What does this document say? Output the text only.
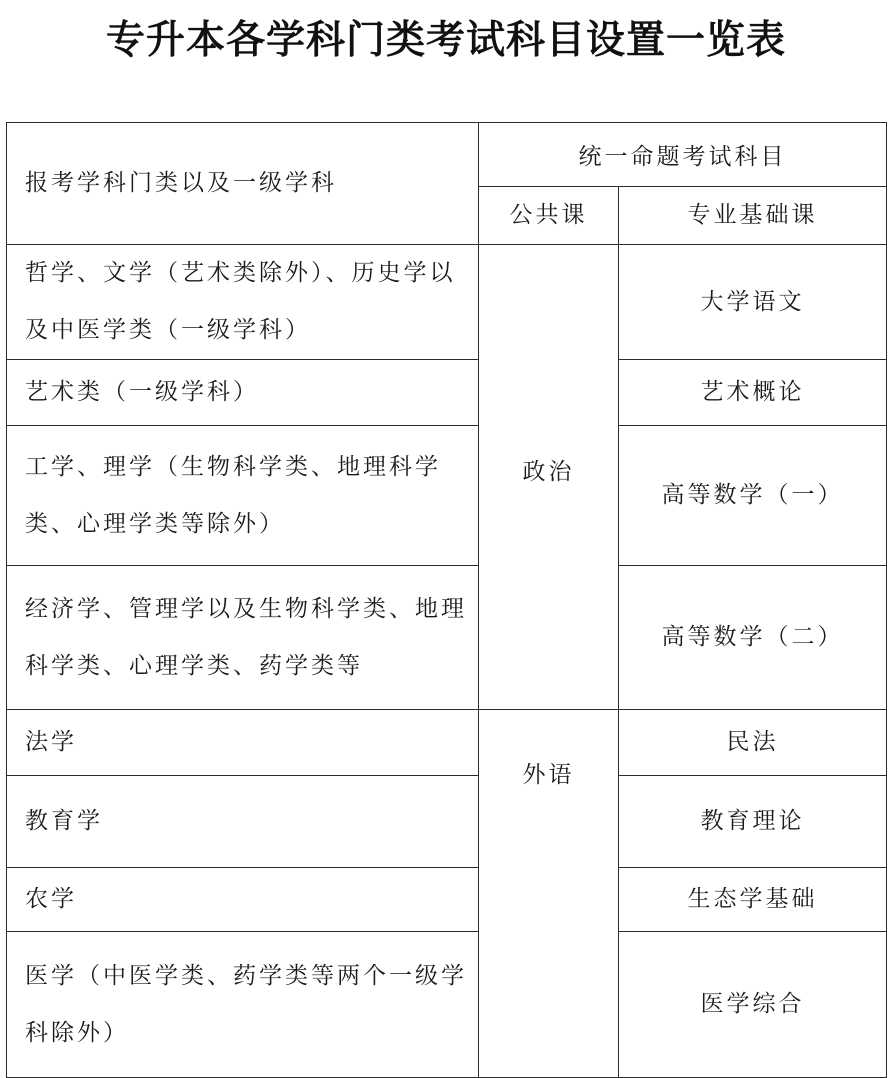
专升本各学科门类考试科目设置一览表
报考学科门类以及一级学科	统一命题考试科目	
	公共课	专业基础课
哲学、文学（艺术类除外）、历史学以及中医学类（一级学科）	政治	大学语文
艺术类（一级学科）		艺术概论
工学、理学（生物科学类、地理科学类、心理学类等除外）		高等数学（一）
经济学、管理学以及生物科学类、地理科学类、心理学类、药学类等		高等数学（二）
法学	外语	民法
教育学		教育理论
农学		生态学基础
医学（中医学类、药学类等两个一级学科除外）		医学综合
